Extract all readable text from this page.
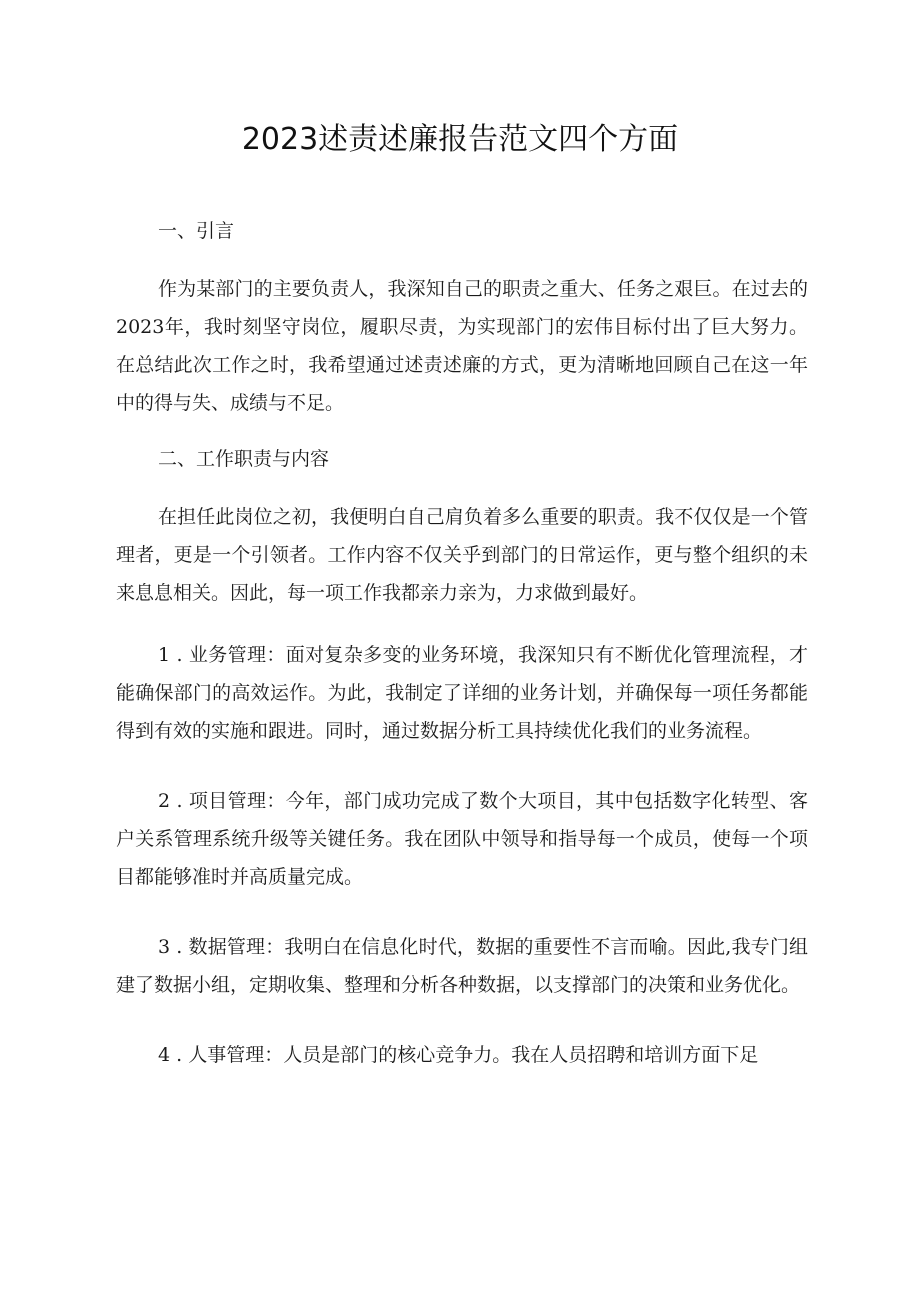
2023述责述廉报告范文四个方面

一、引言

作为某部门的主要负责人，我深知自己的职责之重大、任务之艰巨。在过去的2023年，我时刻坚守岗位，履职尽责，为实现部门的宏伟目标付出了巨大努力。在总结此次工作之时，我希望通过述责述廉的方式，更为清晰地回顾自己在这一年中的得与失、成绩与不足。

二、工作职责与内容

在担任此岗位之初，我便明白自己肩负着多么重要的职责。我不仅仅是一个管理者，更是一个引领者。工作内容不仅关乎到部门的日常运作，更与整个组织的未来息息相关。因此，每一项工作我都亲力亲为，力求做到最好。

1 . 业务管理：面对复杂多变的业务环境，我深知只有不断优化管理流程，才能确保部门的高效运作。为此，我制定了详细的业务计划，并确保每一项任务都能得到有效的实施和跟进。同时，通过数据分析工具持续优化我们的业务流程。

2 . 项目管理：今年，部门成功完成了数个大项目，其中包括数字化转型、客户关系管理系统升级等关键任务。我在团队中领导和指导每一个成员，使每一个项目都能够准时并高质量完成。

3 . 数据管理：我明白在信息化时代，数据的重要性不言而喻。因此,我专门组建了数据小组，定期收集、整理和分析各种数据，以支撑部门的决策和业务优化。

4 . 人事管理：人员是部门的核心竞争力。我在人员招聘和培训方面下足
